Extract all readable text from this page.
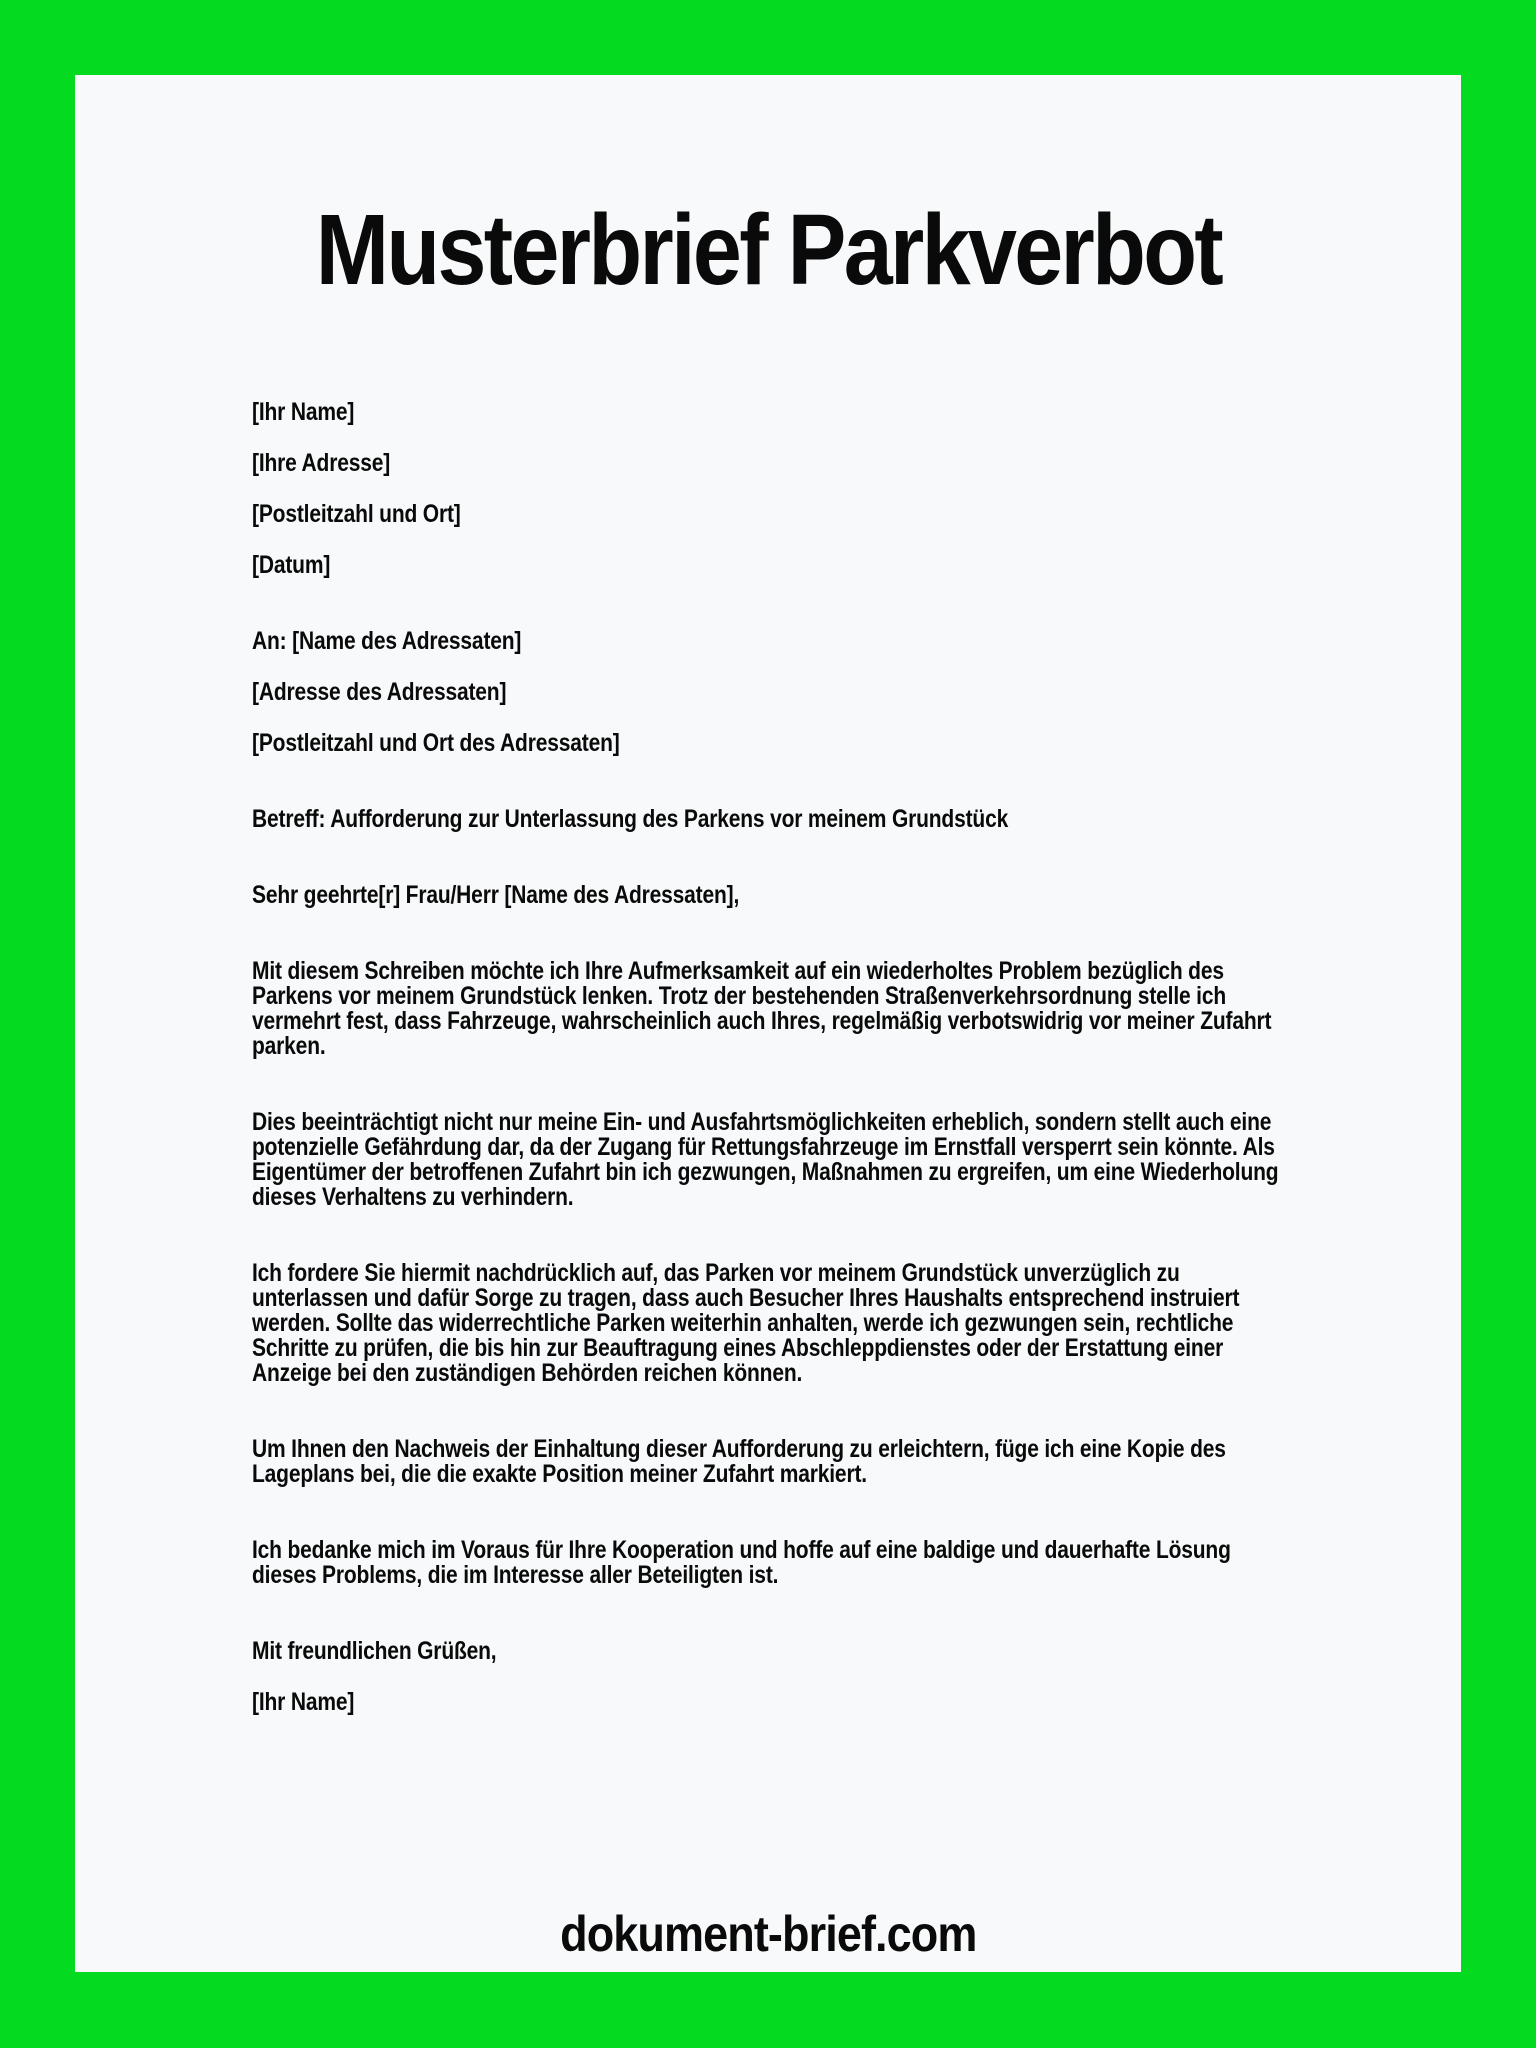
Musterbrief Parkverbot
[Ihr Name]
[Ihre Adresse]
[Postleitzahl und Ort]
[Datum]
An: [Name des Adressaten]
[Adresse des Adressaten]
[Postleitzahl und Ort des Adressaten]
Betreff: Aufforderung zur Unterlassung des Parkens vor meinem Grundstück
Sehr geehrte[r] Frau/Herr [Name des Adressaten],

Mit diesem Schreiben möchte ich Ihre Aufmerksamkeit auf ein wiederholtes Problem bezüglich des Parkens vor meinem Grundstück lenken. Trotz der bestehenden Straßenverkehrsordnung stelle ich vermehrt fest, dass Fahrzeuge, wahrscheinlich auch Ihres, regelmäßig verbotswidrig vor meiner Zufahrt parken.

Dies beeinträchtigt nicht nur meine Ein- und Ausfahrtsmöglichkeiten erheblich, sondern stellt auch eine potenzielle Gefährdung dar, da der Zugang für Rettungsfahrzeuge im Ernstfall versperrt sein könnte. Als Eigentümer der betroffenen Zufahrt bin ich gezwungen, Maßnahmen zu ergreifen, um eine Wiederholung dieses Verhaltens zu verhindern.

Ich fordere Sie hiermit nachdrücklich auf, das Parken vor meinem Grundstück unverzüglich zu unterlassen und dafür Sorge zu tragen, dass auch Besucher Ihres Haushalts entsprechend instruiert werden. Sollte das widerrechtliche Parken weiterhin anhalten, werde ich gezwungen sein, rechtliche Schritte zu prüfen, die bis hin zur Beauftragung eines Abschleppdienstes oder der Erstattung einer Anzeige bei den zuständigen Behörden reichen können.

Um Ihnen den Nachweis der Einhaltung dieser Aufforderung zu erleichtern, füge ich eine Kopie des Lageplans bei, die die exakte Position meiner Zufahrt markiert.

Ich bedanke mich im Voraus für Ihre Kooperation und hoffe auf eine baldige und dauerhafte Lösung dieses Problems, die im Interesse aller Beteiligten ist.

Mit freundlichen Grüßen,
[Ihr Name]
dokument-brief.com
